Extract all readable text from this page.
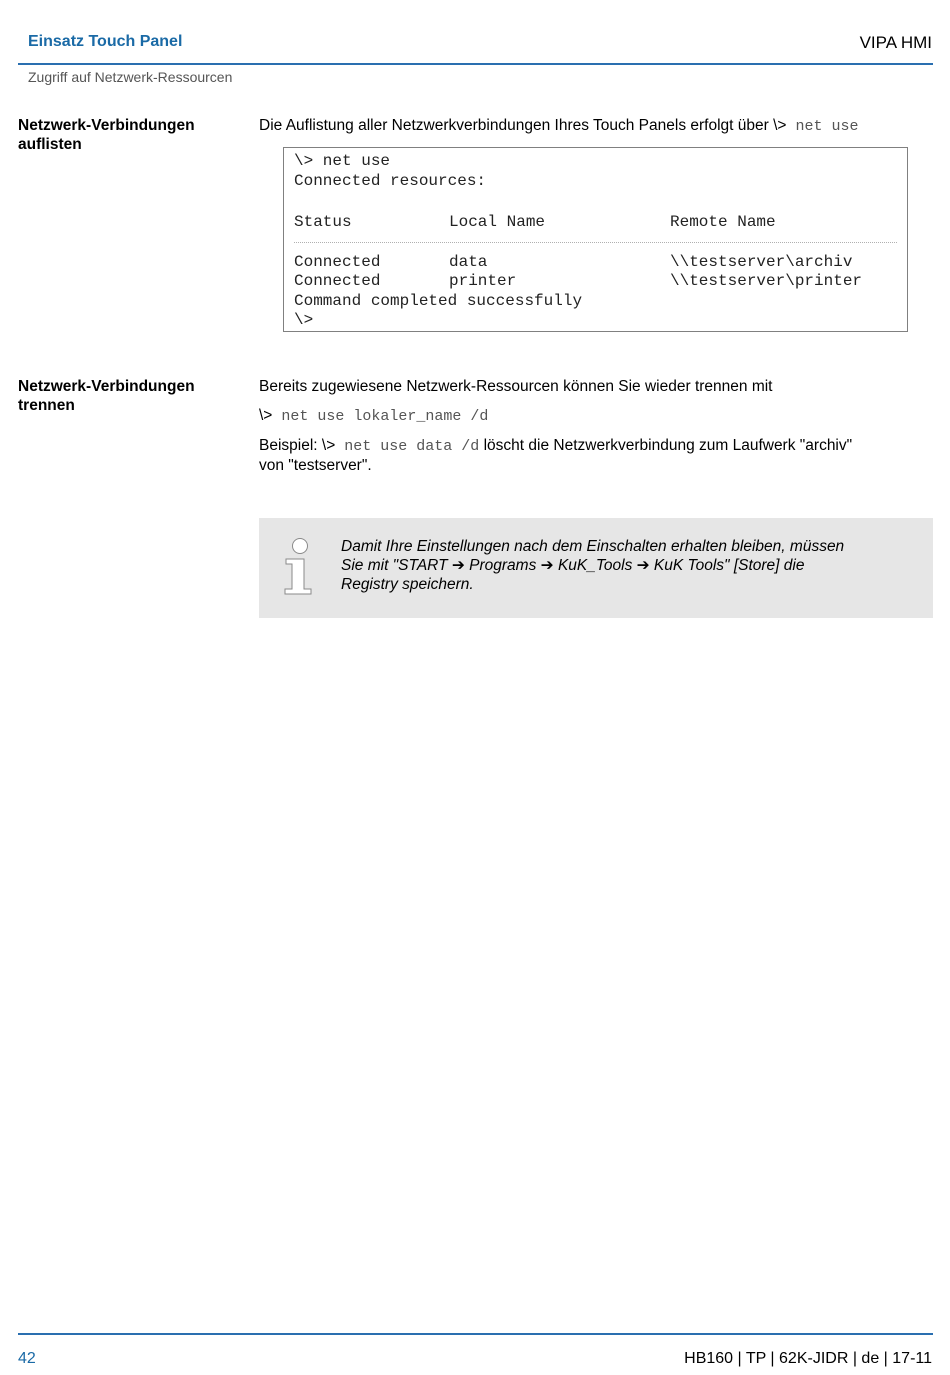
Einsatz Touch Panel	VIPA HMI
Zugriff auf Netzwerk-Ressourcen
Netzwerk-Verbindungen
auflisten
Die Auflistung aller Netzwerkverbindungen Ihres Touch Panels erfolgt über \> net use
\> net use
Connected resources:
Status	Local Name	Remote Name
Connected	data	\\testserver\archiv
Connected	printer	\\testserver\printer
Command completed successfully
\>
Netzwerk-Verbindungen
trennen
Bereits zugewiesene Netzwerk-Ressourcen können Sie wieder trennen mit
\> net use lokaler_name /d
Beispiel: \> net use data /d löscht die Netzwerkverbindung zum Laufwerk "archiv"
von "testserver".
Damit Ihre Einstellungen nach dem Einschalten erhalten bleiben, müssen
Sie mit "START ➔ Programs ➔ KuK_Tools ➔ KuK Tools" [Store] die
Registry speichern.
42	HB160 | TP | 62K-JIDR | de | 17-11
